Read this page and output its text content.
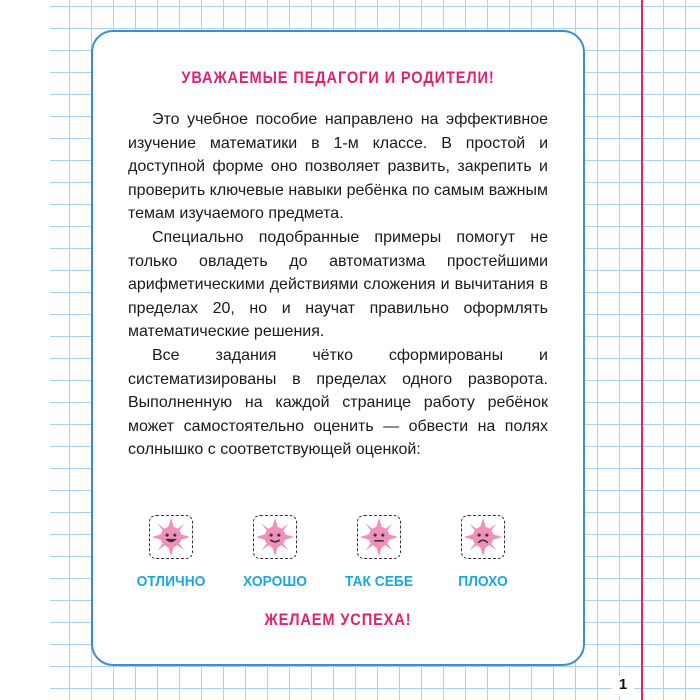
1
УВАЖАЕМЫЕ ПЕДАГОГИ И РОДИТЕЛИ!

Это учебное пособие направлено на эффективное изучение математики в 1-м классе. В простой и доступной форме оно позволяет развить, закрепить и проверить ключевые навыки ребёнка по самым важным темам изучаемого предмета.

Специально подобранные примеры помогут не только овладеть до автоматизма простейшими арифметическими действиями сложения и вычитания в пределах 20, но и научат правильно оформлять математические решения.

Все задания чётко сформированы и систематизированы в пределах одного разворота. Выполненную на каждой странице работу ребёнок может самостоятельно оценить — обвести на полях солнышко с соответствующей оценкой:

ОТЛИЧНО	ХОРОШО	ТАК СЕБЕ	ПЛОХО
ЖЕЛАЕМ УСПЕХА!
